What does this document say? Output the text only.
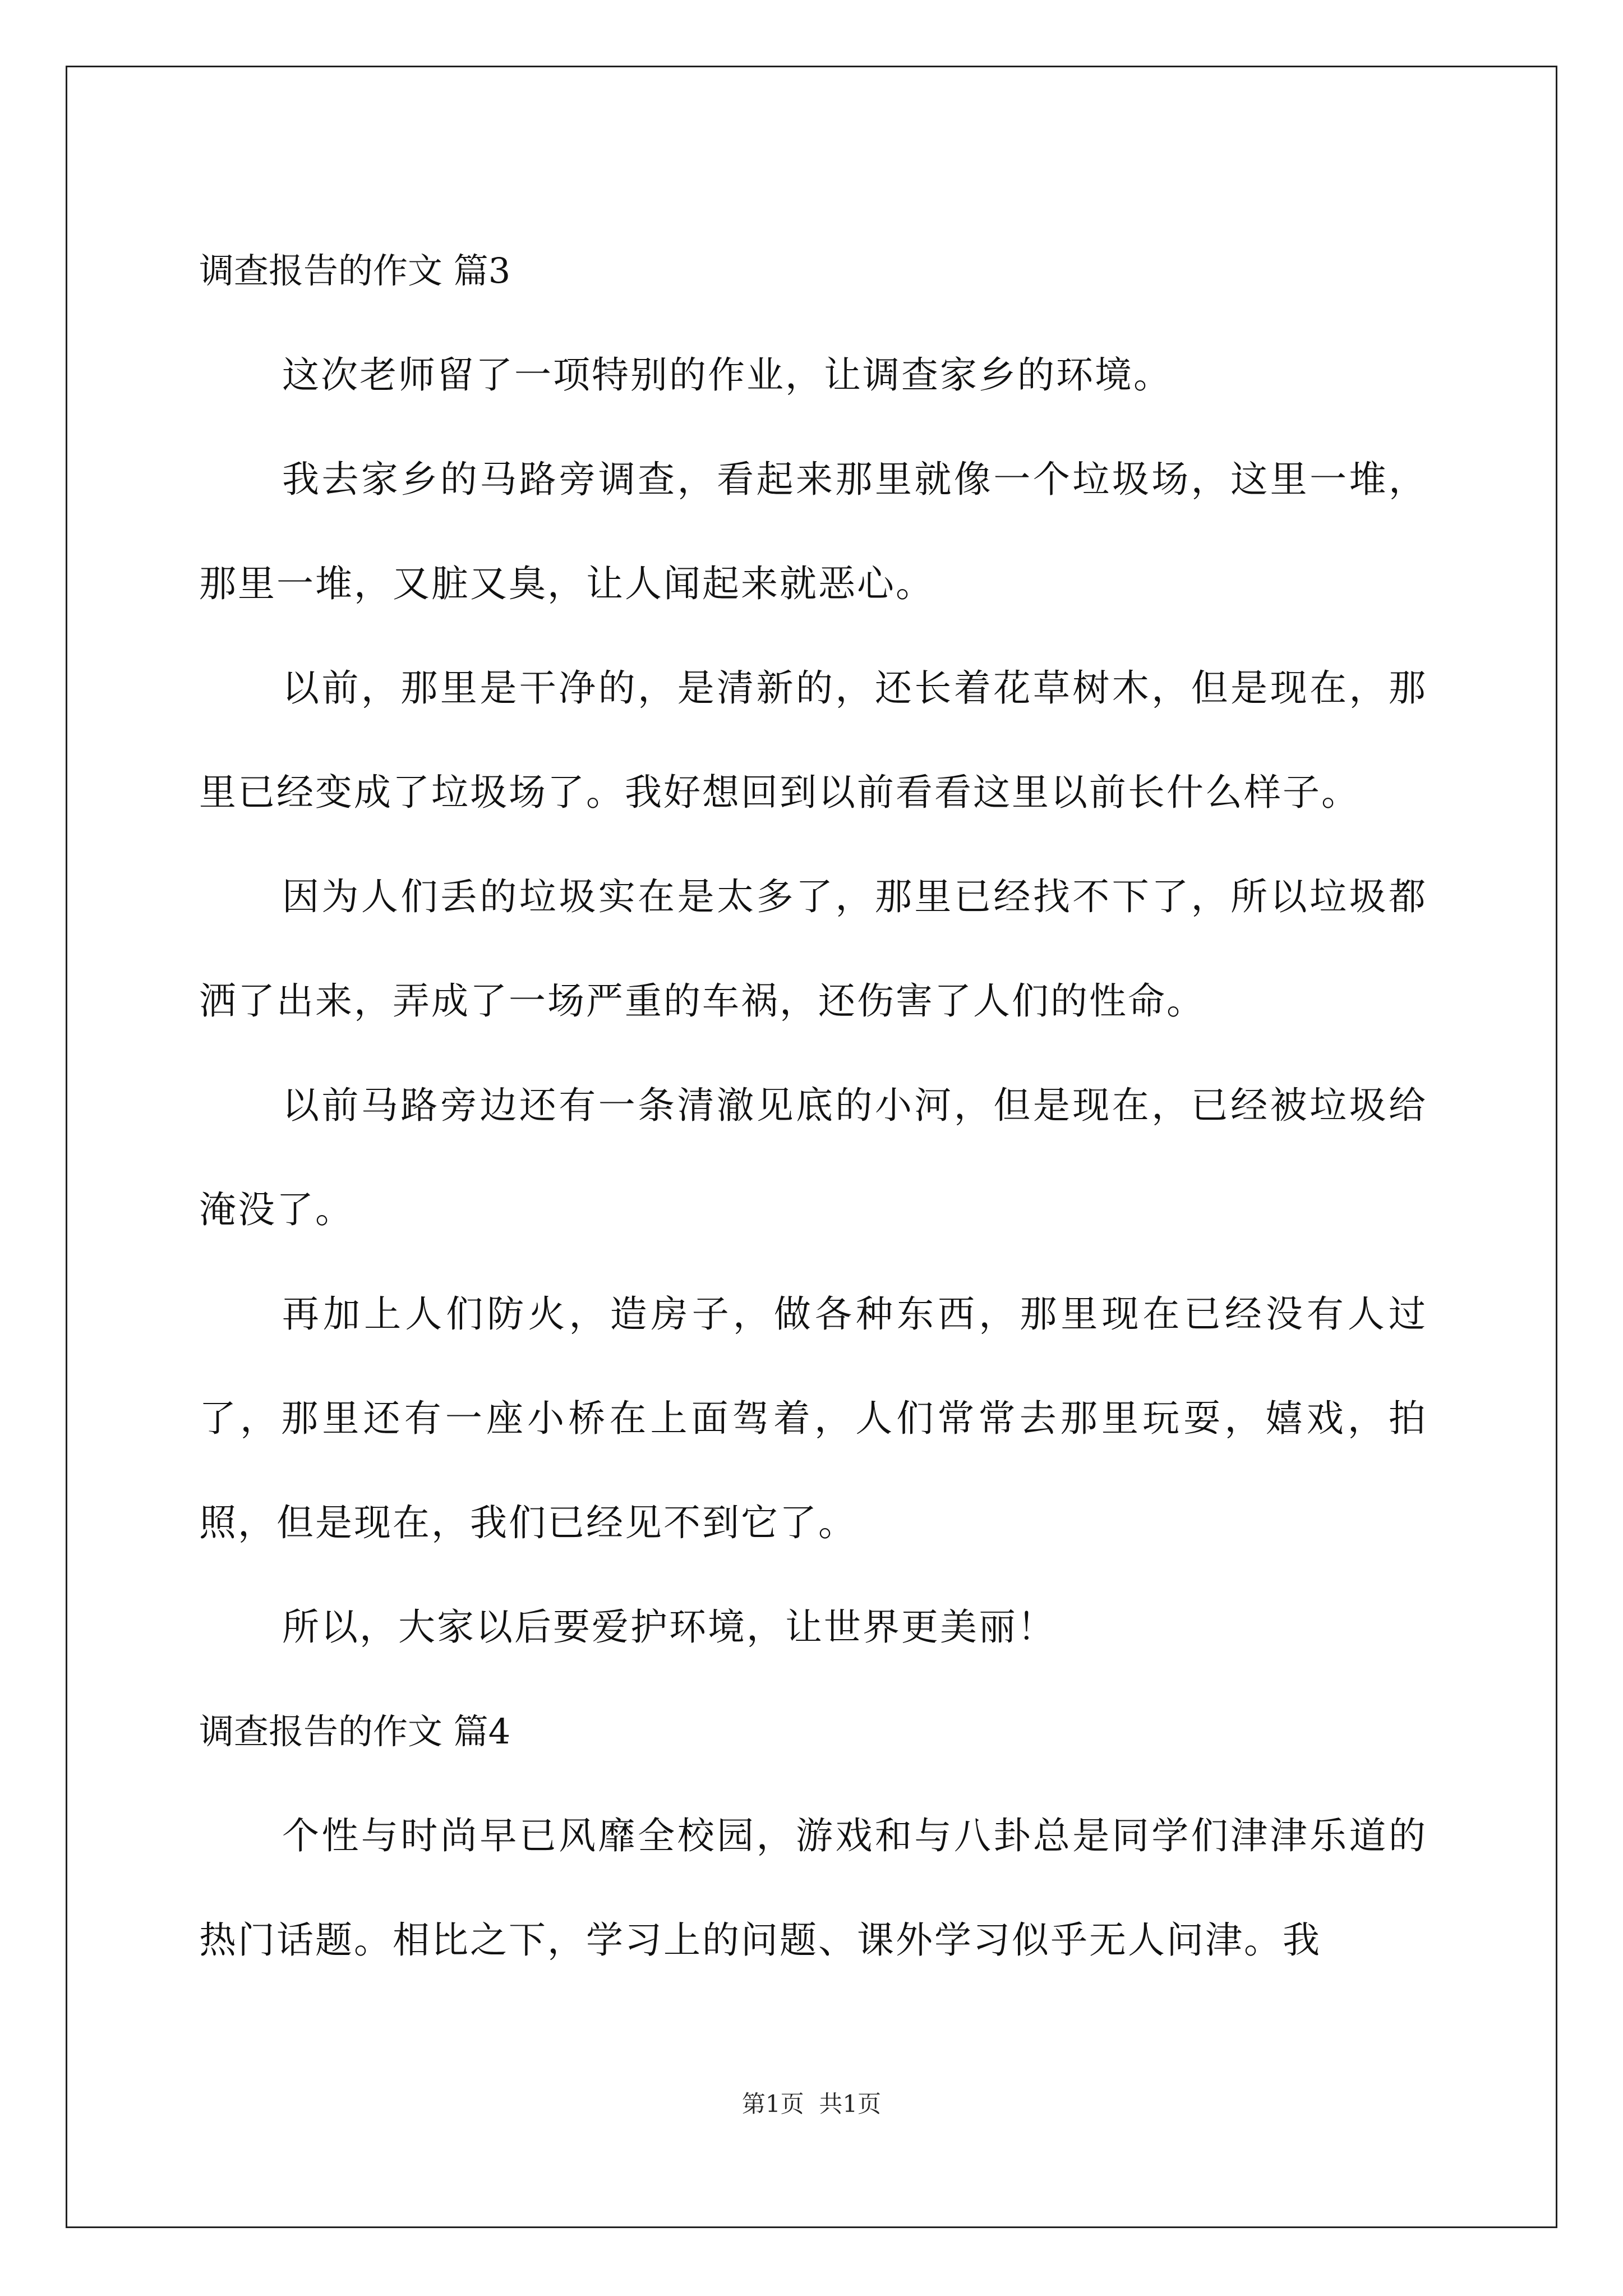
调查报告的作文 篇3

这次老师留了一项特别的作业，让调查家乡的环境。

我去家乡的马路旁调查，看起来那里就像一个垃圾场，这里一堆，那里一堆，又脏又臭，让人闻起来就恶心。

以前，那里是干净的，是清新的，还长着花草树木，但是现在，那里已经变成了垃圾场了。我好想回到以前看看这里以前长什么样子。

因为人们丢的垃圾实在是太多了，那里已经找不下了，所以垃圾都洒了出来，弄成了一场严重的车祸，还伤害了人们的性命。

以前马路旁边还有一条清澈见底的小河，但是现在，已经被垃圾给淹没了。

再加上人们防火，造房子，做各种东西，那里现在已经没有人过了，那里还有一座小桥在上面驾着，人们常常去那里玩耍，嬉戏，拍照，但是现在，我们已经见不到它了。

所以，大家以后要爱护环境，让世界更美丽！

调查报告的作文 篇4

个性与时尚早已风靡全校园，游戏和与八卦总是同学们津津乐道的热门话题。相比之下，学习上的问题、课外学习似乎无人问津。我

第1页  共1页
